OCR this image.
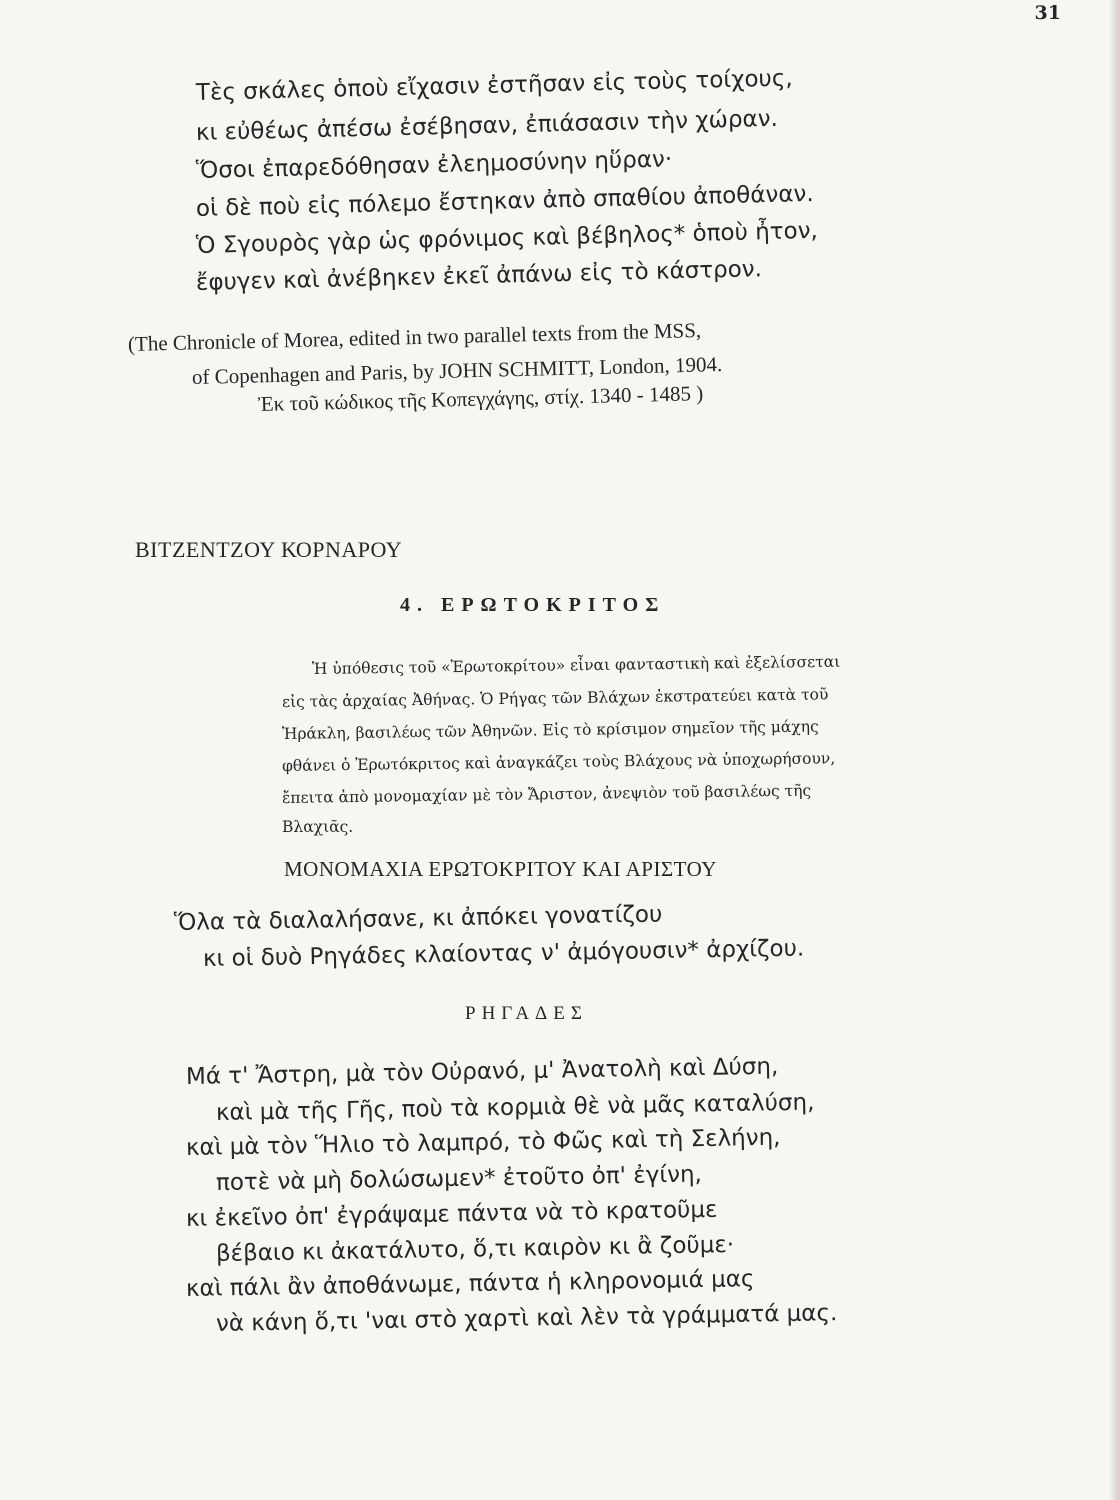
31
Τὲς σκάλες ὁποὺ εἴχασιν ἐστῆσαν εἰς τοὺς τοίχους,
κι εὐθέως ἀπέσω ἐσέβησαν, ἐπιάσασιν τὴν χώραν.
Ὅσοι ἐπαρεδόθησαν ἐλεημοσύνην ηὕραν·
οἱ δὲ ποὺ εἰς πόλεμο ἔστηκαν ἀπὸ σπαθίου ἀποθάναν.
Ὁ Σγουρὸς γὰρ ὡς φρόνιμος καὶ βέβηλος* ὁποὺ ἦτον,
ἔφυγεν καὶ ἀνέβηκεν ἐκεῖ ἀπάνω εἰς τὸ κάστρον.
(The Chronicle of Morea, edited in two parallel texts from the MSS,
of Copenhagen and Paris, by JOHN SCHMITT, London, 1904.
Ἐκ τοῦ κώδικος τῆς Κοπεγχάγης, στίχ. 1340 - 1485 )
ΒΙΤΖΕΝΤΖΟΥ ΚΟΡΝΑΡΟΥ
4. ΕΡΩΤΟΚΡΙΤΟΣ
Ἡ ὑπόθεσις τοῦ «Ἐρωτοκρίτου» εἶναι φανταστικὴ καὶ ἐξελίσσεται
εἰς τὰς ἀρχαίας Ἀθήνας. Ὁ Ρήγας τῶν Βλάχων ἐκστρατεύει κατὰ τοῦ
Ἡράκλη, βασιλέως τῶν Ἀθηνῶν. Εἰς τὸ κρίσιμον σημεῖον τῆς μάχης
φθάνει ὁ Ἐρωτόκριτος καὶ ἀναγκάζει τοὺς Βλάχους νὰ ὑποχωρήσουν,
ἔπειτα ἀπὸ μονομαχίαν μὲ τὸν Ἄριστον, ἀνεψιὸν τοῦ βασιλέως τῆς
Βλαχιᾶς.
ΜΟΝΟΜΑΧΙΑ ΕΡΩΤΟΚΡΙΤΟΥ ΚΑΙ ΑΡΙΣΤΟΥ
Ὅλα τὰ διαλαλήσανε, κι ἀπόκει γονατίζου
κι οἱ δυὸ Ρηγάδες κλαίοντας ν' ἀμόγουσιν* ἀρχίζου.
ΡΗΓΑΔΕΣ
Μά τ' Ἄστρη, μὰ τὸν Οὐρανό, μ' Ἀνατολὴ καὶ Δύση,
καὶ μὰ τῆς Γῆς, ποὺ τὰ κορμιὰ θὲ νὰ μᾶς καταλύση,
καὶ μὰ τὸν Ἥλιο τὸ λαμπρό, τὸ Φῶς καὶ τὴ Σελήνη,
ποτὲ νὰ μὴ δολώσωμεν* ἐτοῦτο ὀπ' ἐγίνη,
κι ἐκεῖνο ὀπ' ἐγράψαμε πάντα νὰ τὸ κρατοῦμε
βέβαιο κι ἀκατάλυτο, ὅ,τι καιρὸν κι ἂ ζοῦμε·
καὶ πάλι ἂν ἀποθάνωμε, πάντα ἡ κληρονομιά μας
νὰ κάνη ὅ,τι 'ναι στὸ χαρτὶ καὶ λὲν τὰ γράμματά μας.
